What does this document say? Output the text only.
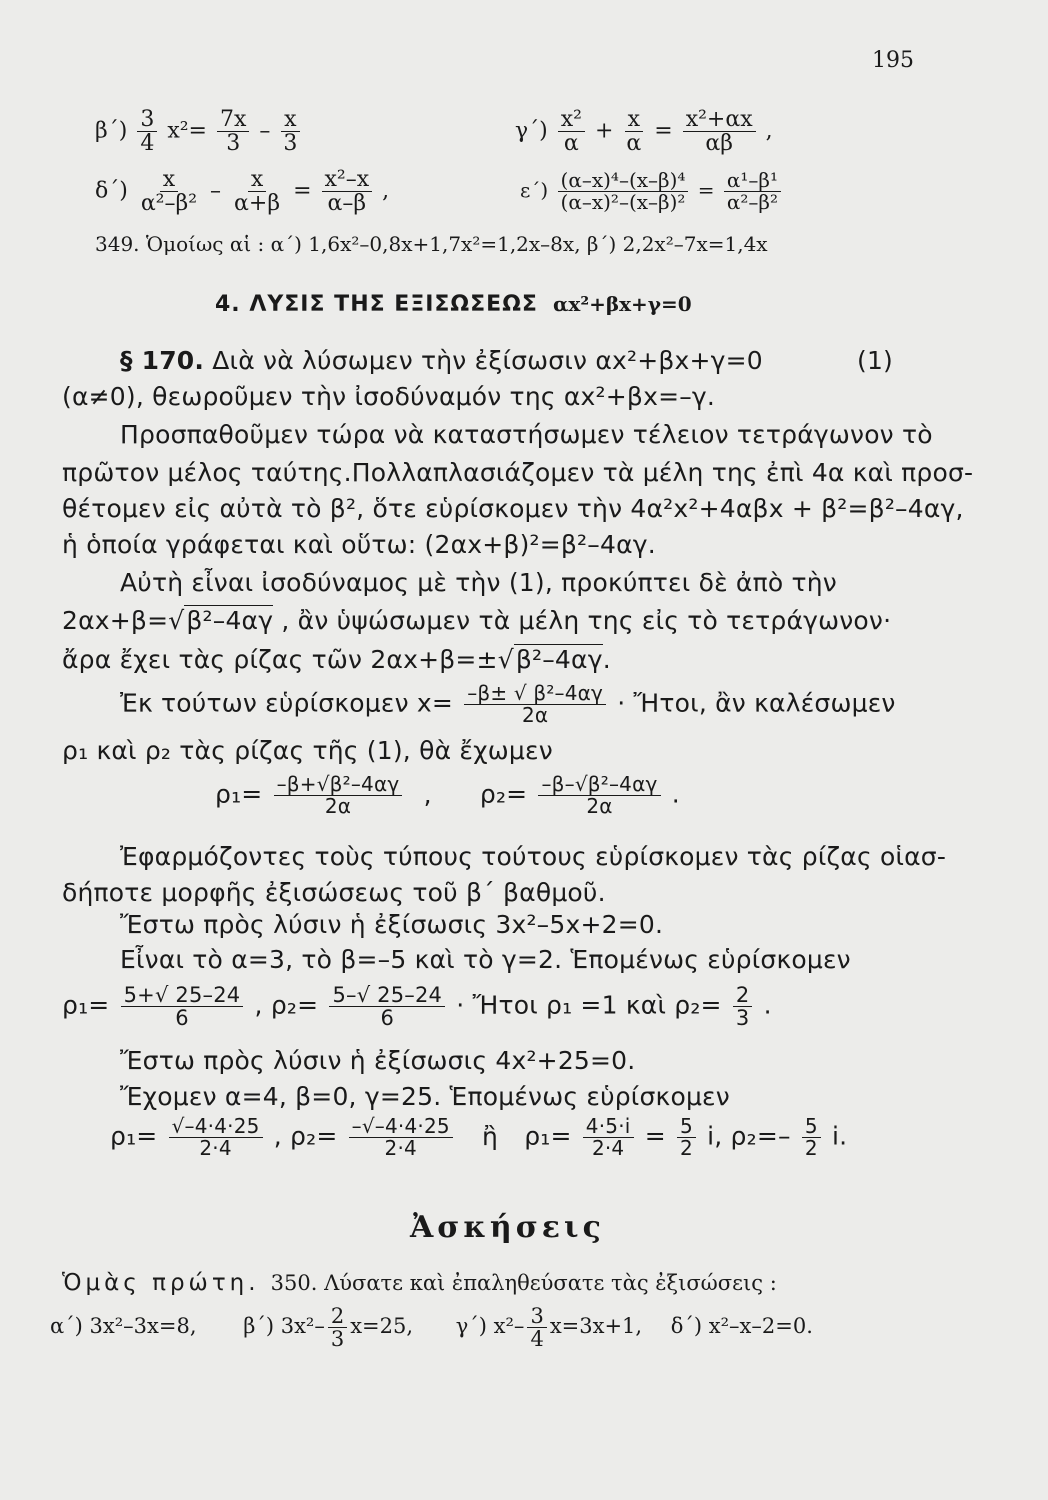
195
$\beta΄) \frac{3}{4} x^2= \frac{7x}{3} - \frac{x}{3}$	$\gamma΄) \frac{\text{x²}}{\alpha} + \frac{x}{\alpha} = \frac{\text{x²+αx}}{\alpha\beta}$ ,
$\delta΄) \frac{x}{\text{α²–β²}} - \frac{x}{\alpha+\beta} = \frac{\text{x²–x}}{\alpha-\beta}$ ,	$\varepsilon΄) \frac{\text{(α–x)⁴–(x–β)⁴}}{\text{(α–x)²–(x–β)²}} = \frac{\text{α¹–β¹}}{\text{α²–β²}}$
349. Ὁμοίως αἱ : α΄) 1,6x²–0,8x+1,7x²=1,2x–8x, β΄) 2,2x²–7x=1,4x
4. ΛΥΣΙΣ ΤΗΣ ΕΞΙΣΩΣΕΩΣ αx²+βx+γ=0
§ 170. Διὰ νὰ λύσωμεν τὴν ἐξίσωσιν αx²+βx+γ=0	(1)
(α≠0), θεωροῦμεν τὴν ἰσοδύναμόν της αx²+βx=–γ.
Προσπαθοῦμεν τώρα νὰ καταστήσωμεν τέλειον τετράγωνον τὸ
πρῶτον μέλος ταύτης.Πολλαπλασιάζομεν τὰ μέλη της ἐπὶ 4α καὶ προσ-
θέτομεν εἰς αὐτὰ τὸ β², ὅτε εὑρίσκομεν τὴν 4α²x²+4αβx + β²=β²–4αγ,
ἡ ὁποία γράφεται καὶ οὕτω: (2αx+β)²=β²–4αγ.
Αὐτὴ εἶναι ἰσοδύναμος μὲ τὴν (1), προκύπτει δὲ ἀπὸ τὴν
2αx+β=√β²–4αγ , ἂν ὑψώσωμεν τὰ μέλη της εἰς τὸ τετράγωνον·
ἄρα ἔχει τὰς ρίζας τῶν 2αx+β=±√β²–4αγ.
Ἐκ τούτων εὑρίσκομεν $x= \frac{\text{–β± √ β²–4αγ}}{2\alpha}$ · Ἤτοι, ἂν καλέσωμεν
ρ₁ καὶ ρ₂ τὰς ρίζας τῆς (1), θὰ ἔχωμεν
$\rho_1= \frac{\text{–β+√β²–4αγ}}{2\alpha}$ , $\rho_2= \frac{\text{–β–√β²–4αγ}}{2\alpha}$ .
Ἐφαρμόζοντες τοὺς τύπους τούτους εὑρίσκομεν τὰς ρίζας οἱασ-
δήποτε μορφῆς ἐξισώσεως τοῦ β΄ βαθμοῦ.
Ἔστω πρὸς λύσιν ἡ ἐξίσωσις 3x²–5x+2=0.
Εἶναι τὸ α=3, τὸ β=–5 καὶ τὸ γ=2. Ἑπομένως εὑρίσκομεν
$\rho_1= \frac{5+√ 25-24}{6}$ , $\rho_2= \frac{5-√ 25-24}{6}$ · Ἤτοι ρ₁ =1 καὶ $\rho_2= \frac{2}{3}$ .
Ἔστω πρὸς λύσιν ἡ ἐξίσωσις 4x²+25=0.
Ἔχομεν α=4, β=0, γ=25. Ἑπομένως εὑρίσκομεν
$\rho_1= \frac{√-4\cdot 4\cdot 25}{2\cdot 4}$ , $\rho_2= \frac{-√-4\cdot 4\cdot 25}{2\cdot 4}$ ἢ $\rho_1= \frac{4\cdot 5\cdot i}{2\cdot 4} = \frac{5}{2} i$, $\rho_2=- \frac{5}{2} i$.
Ἀσκήσεις
Ὁμὰς πρώτη. 350. Λύσατε καὶ ἐπαληθεύσατε τὰς ἐξισώσεις :
α΄) 3x²–3x=8, β΄) $3x^2- \frac{2}{3} x=25$, γ΄) $x^2- \frac{3}{4} x=3x+1$, δ΄) x²–x–2=0.
